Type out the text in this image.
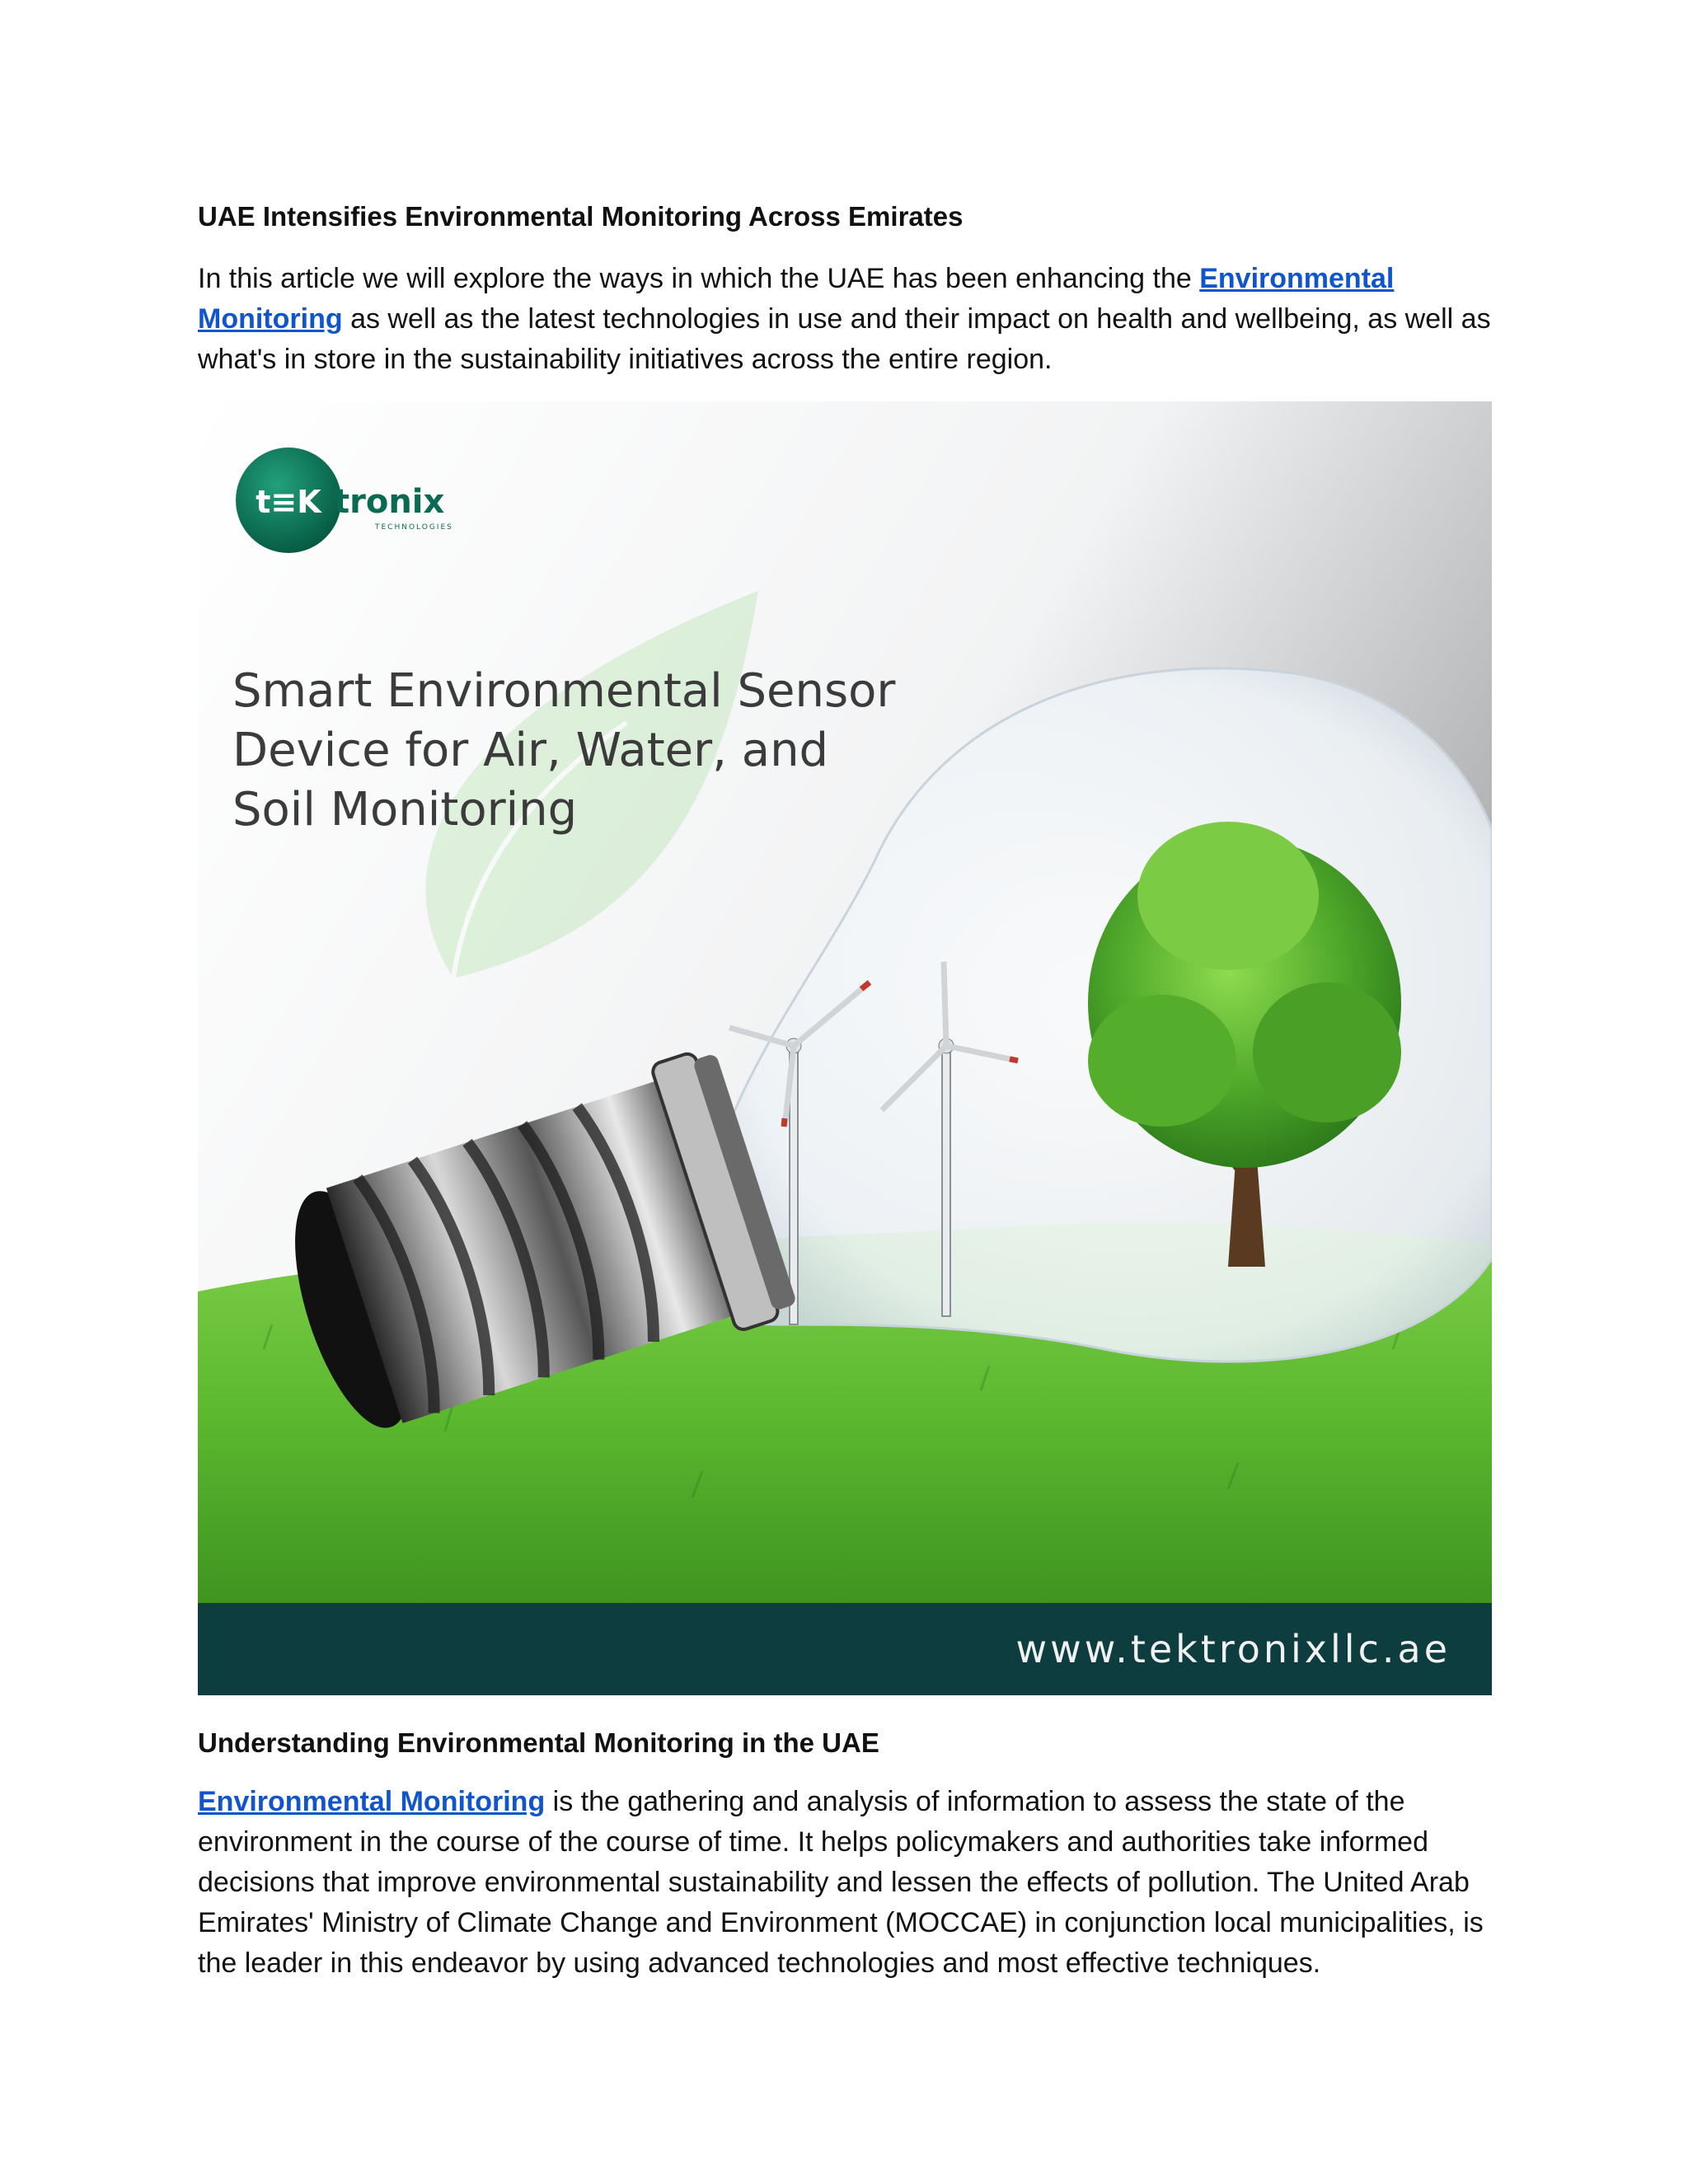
UAE Intensifies Environmental Monitoring Across Emirates

In this article we will explore the ways in which the UAE has been enhancing the Environmental Monitoring as well as the latest technologies in use and their impact on health and wellbeing, as well as what's in store in the sustainability initiatives across the entire region.

t≡K tronix
TECHNOLOGIES
Smart Environmental Sensor
Device for Air, Water, and
Soil Monitoring
www.tektronixllc.ae

Understanding Environmental Monitoring in the UAE

Environmental Monitoring is the gathering and analysis of information to assess the state of the environment in the course of the course of time. It helps policymakers and authorities take informed decisions that improve environmental sustainability and lessen the effects of pollution. The United Arab Emirates' Ministry of Climate Change and Environment (MOCCAE) in conjunction local municipalities, is the leader in this endeavor by using advanced technologies and most effective techniques.
